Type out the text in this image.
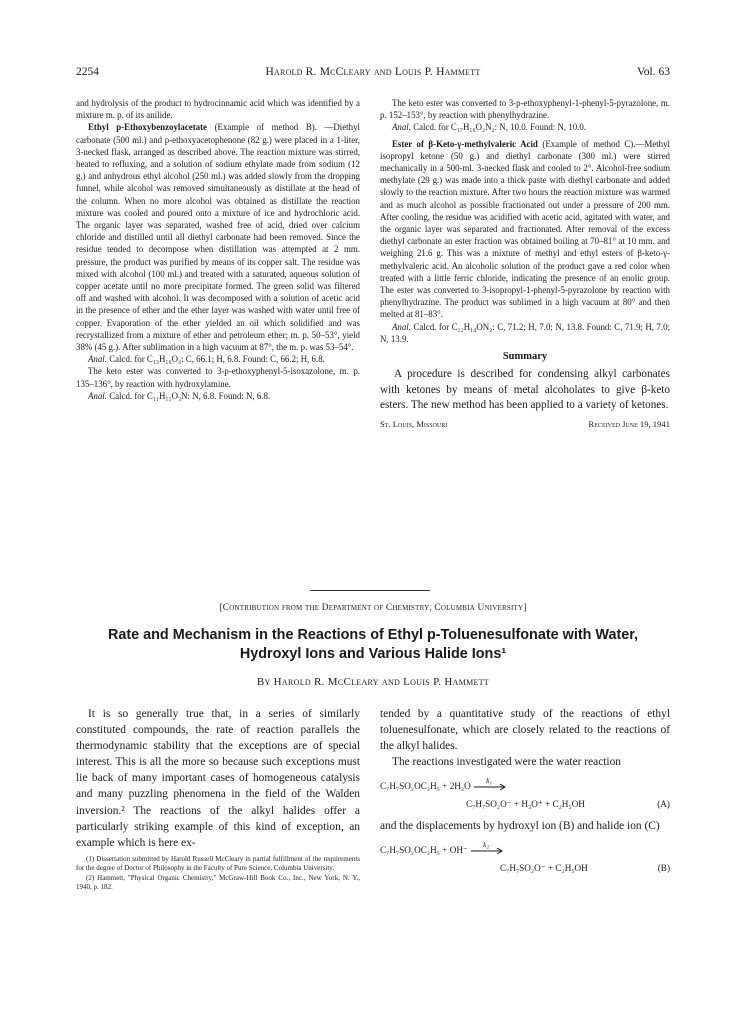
2254	Harold R. McCleary and Louis P. Hammett	Vol. 63

and hydrolysis of the product to hydrocinnamic acid which was identified by a mixture m. p. of its anilide.

Ethyl p-Ethoxybenzoylacetate (Example of method B). —Diethyl carbonate (500 ml.) and p-ethoxyacetophenone (82 g.) were placed in a 1-liter, 3-necked flask, arranged as described above. The reaction mixture was stirred, heated to refluxing, and a solution of sodium ethylate made from sodium (12 g.) and anhydrous ethyl alcohol (250 ml.) was added slowly from the dropping funnel, while alcohol was removed simultaneously as distillate at the head of the column. When no more alcohol was obtained as distillate the reaction mixture was cooled and poured onto a mixture of ice and hydrochloric acid. The organic layer was separated, washed free of acid, dried over calcium chloride and distilled until all diethyl carbonate had been removed. Since the residue tended to decompose when distillation was attempted at 2 mm. pressure, the product was purified by means of its copper salt. The residue was mixed with alcohol (100 ml.) and treated with a saturated, aqueous solution of copper acetate until no more precipitate formed. The green solid was filtered off and washed with alcohol. It was decomposed with a solution of acetic acid in the presence of ether and the ether layer was washed with water until free of copper. Evaporation of the ether yielded an oil which solidified and was recrystallized from a mixture of ether and petroleum ether; m. p. 50–53°, yield 38% (45 g.). After sublimation in a high vacuum at 87°, the m. p. was 53–54°.

Anal. Calcd. for C₁₃H₁₆O₄: C, 66.1; H, 6.8. Found: C, 66.2; H, 6.8.

The keto ester was converted to 3-p-ethoxyphenyl-5-isoxazolone, m. p. 135–136°, by reaction with hydroxylamine.

Anal. Calcd. for C₁₁H₁₁O₃N: N, 6.8. Found: N, 6.8.

The keto ester was converted to 3-p-ethoxyphenyl-1-phenyl-5-pyrazolone, m. p. 152–153°, by reaction with phenylhydrazine.

Anal. Calcd. for C₁₇H₁₆O₂N₂: N, 10.0. Found: N, 10.0.

Ester of β-Keto-γ-methylvaleric Acid (Example of method C).—Methyl isopropyl ketone (50 g.) and diethyl carbonate (300 ml.) were stirred mechanically in a 500-ml. 3-necked flask and cooled to 2°. Alcohol-free sodium methylate (29 g.) was made into a thick paste with diethyl carbonate and added slowly to the reaction mixture. After two hours the reaction mixture was warmed and as much alcohol as possible fractionated out under a pressure of 200 mm. After cooling, the residue was acidified with acetic acid, agitated with water, and the organic layer was separated and fractionated. After removal of the excess diethyl carbonate an ester fraction was obtained boiling at 70–81° at 10 mm. and weighing 21.6 g. This was a mixture of methyl and ethyl esters of β-keto-γ-methylvaleric acid. An alcoholic solution of the product gave a red color when treated with a little ferric chloride, indicating the presence of an enolic group. The ester was converted to 3-isopropyl-1-phenyl-5-pyrazolone by reaction with phenylhydrazine. The product was sublimed in a high vacuum at 80° and then melted at 81–83°.

Anal. Calcd. for C₁₂H₁₄ON₂: C, 71.2; H, 7.0; N, 13.8. Found: C, 71.9; H, 7.0; N, 13.9.

Summary

A procedure is described for condensing alkyl carbonates with ketones by means of metal alcoholates to give β-keto esters. The new method has been applied to a variety of ketones.

St. Louis, Missouri	Received June 19, 1941
[Contribution from the Department of Chemistry, Columbia University]
Rate and Mechanism in the Reactions of Ethyl p-Toluenesulfonate with Water, Hydroxyl Ions and Various Halide Ions¹
By Harold R. McCleary and Louis P. Hammett

It is so generally true that, in a series of similarly constituted compounds, the rate of reaction parallels the thermodynamic stability that the exceptions are of special interest. This is all the more so because such exceptions must lie back of many important cases of homogeneous catalysis and many puzzling phenomena in the field of the Walden inversion.² The reactions of the alkyl halides offer a particularly striking example of this kind of exception, an example which is here ex-

(1) Dissertation submitted by Harold Russell McCleary in partial fulfillment of the requirements for the degree of Doctor of Philosophy in the Faculty of Pure Science, Columbia University.

(2) Hammett, "Physical Organic Chemistry," McGraw-Hill Book Co., Inc., New York, N. Y., 1940, p. 182.

tended by a quantitative study of the reactions of ethyl toluenesulfonate, which are closely related to the reactions of the alkyl halides.

The reactions investigated were the water reaction

C₇H₇SO₂OC₂H₅ + 2H₂O
k₁
C₇H₇SO₂O⁻ + H₃O⁺ + C₂H₅OH	(A)

and the displacements by hydroxyl ion (B) and halide ion (C)

C₇H₇SO₂OC₂H₅ + OH⁻
k₂
C₇H₇SO₂O⁻ + C₂H₅OH	(B)
